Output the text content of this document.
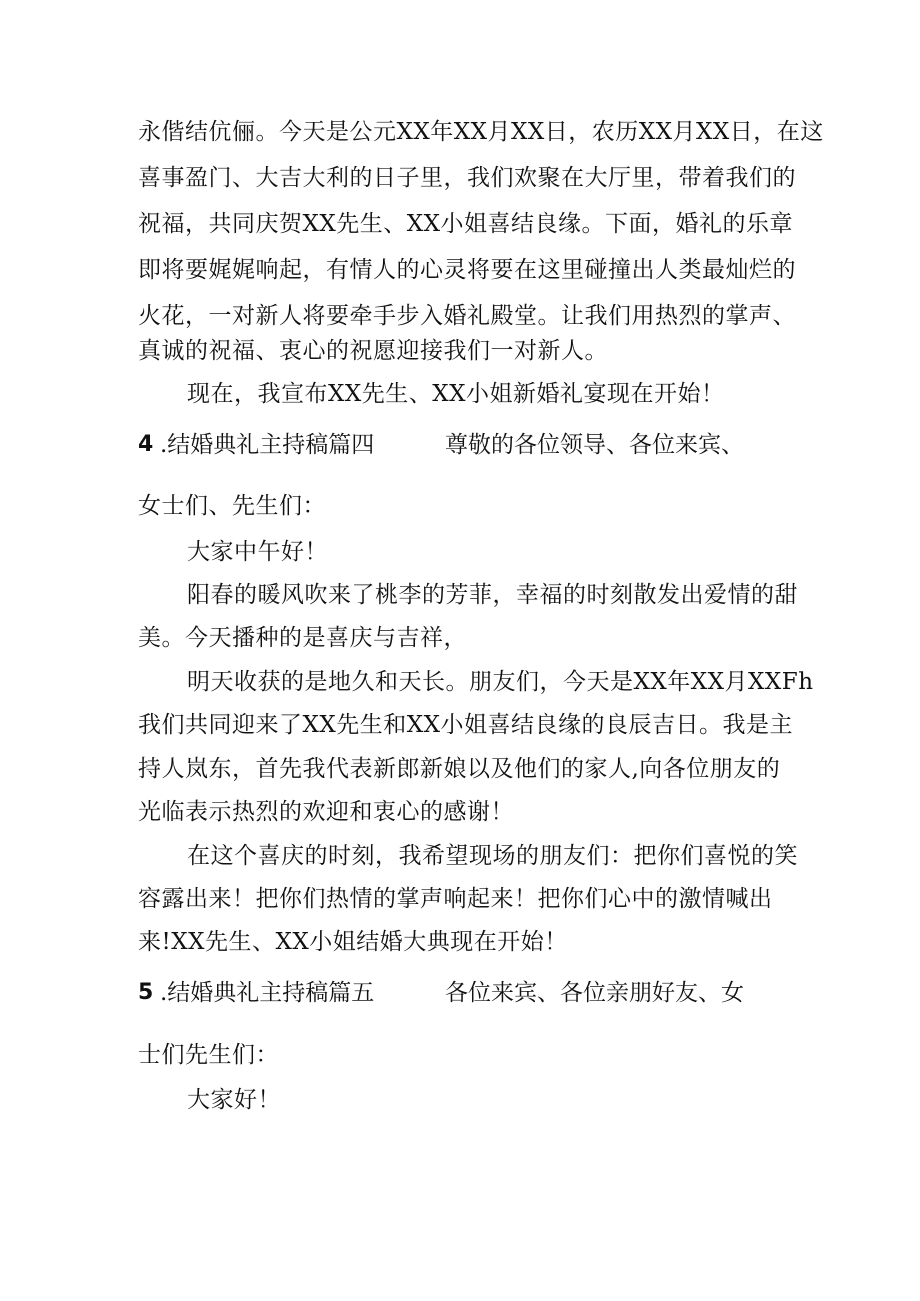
永偕结伉俪。今天是公元XX年XX月XX日，农历XX月XX日，在这
喜事盈门、大吉大利的日子里，我们欢聚在大厅里，带着我们的
祝福，共同庆贺XX先生、XX小姐喜结良缘。下面，婚礼的乐章
即将要娓娓响起，有情人的心灵将要在这里碰撞出人类最灿烂的
火花，一对新人将要牵手步入婚礼殿堂。让我们用热烈的掌声、
真诚的祝福、衷心的祝愿迎接我们一对新人。
现在，我宣布XX先生、XX小姐新婚礼宴现在开始！
4 .结婚典礼主持稿篇四	尊敬的各位领导、各位来宾、
女士们、先生们：
大家中午好！
阳春的暖风吹来了桃李的芳菲，幸福的时刻散发出爱情的甜
美。今天播种的是喜庆与吉祥，
明天收获的是地久和天长。朋友们，今天是XX年XX月XXFh
我们共同迎来了XX先生和XX小姐喜结良缘的良辰吉日。我是主
持人岚东，首先我代表新郎新娘以及他们的家人,向各位朋友的
光临表示热烈的欢迎和衷心的感谢！
在这个喜庆的时刻，我希望现场的朋友们：把你们喜悦的笑
容露出来！把你们热情的掌声响起来！把你们心中的激情喊出
来!XX先生、XX小姐结婚大典现在开始！
5 .结婚典礼主持稿篇五	各位来宾、各位亲朋好友、女
士们先生们：
大家好！
